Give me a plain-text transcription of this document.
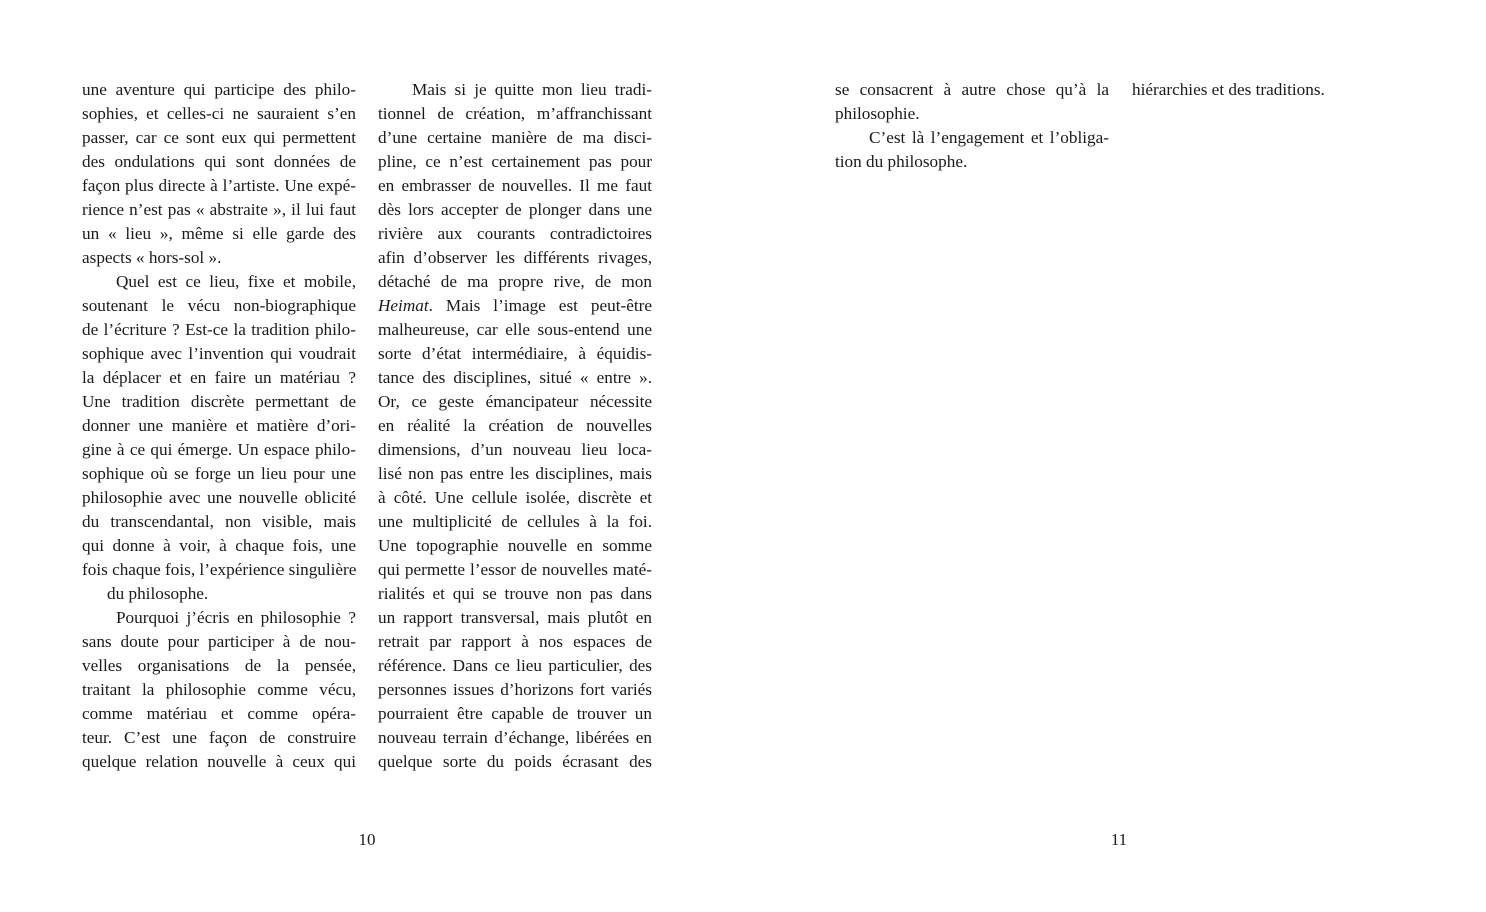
une aventure qui participe des philo-
sophies, et celles-ci ne sauraient s’en
passer, car ce sont eux qui permettent
des ondulations qui sont données de
façon plus directe à l’artiste. Une expé-
rience n’est pas « abstraite », il lui faut
un « lieu », même si elle garde des
aspects « hors-sol ».
Quel est ce lieu, fixe et mobile,
soutenant le vécu non-biographique
de l’écriture ? Est-ce la tradition philo-
sophique avec l’invention qui voudrait
la déplacer et en faire un matériau ?
Une tradition discrète permettant de
donner une manière et matière d’ori-
gine à ce qui émerge. Un espace philo-
sophique où se forge un lieu pour une
philosophie avec une nouvelle oblicité
du transcendantal, non visible, mais
qui donne à voir, à chaque fois, une
fois chaque fois, l’expérience singulière
du philosophe.
Pourquoi j’écris en philosophie ?
sans doute pour participer à de nou-
velles organisations de la pensée,
traitant la philosophie comme vécu,
comme matériau et comme opéra-
teur. C’est une façon de construire
quelque relation nouvelle à ceux qui
Mais si je quitte mon lieu tradi-
tionnel de création, m’affranchissant
d’une certaine manière de ma disci-
pline, ce n’est certainement pas pour
en embrasser de nouvelles. Il me faut
dès lors accepter de plonger dans une
rivière aux courants contradictoires
afin d’observer les différents rivages,
détaché de ma propre rive, de mon
Heimat. Mais l’image est peut-être
malheureuse, car elle sous-entend une
sorte d’état intermédiaire, à équidis-
tance des disciplines, situé « entre ».
Or, ce geste émancipateur nécessite
en réalité la création de nouvelles
dimensions, d’un nouveau lieu loca-
lisé non pas entre les disciplines, mais
à côté. Une cellule isolée, discrète et
une multiplicité de cellules à la foi.
Une topographie nouvelle en somme
qui permette l’essor de nouvelles maté-
rialités et qui se trouve non pas dans
un rapport transversal, mais plutôt en
retrait par rapport à nos espaces de
référence. Dans ce lieu particulier, des
personnes issues d’horizons fort variés
pourraient être capable de trouver un
nouveau terrain d’échange, libérées en
quelque sorte du poids écrasant des
10
se consacrent à autre chose qu’à la
philosophie.
C’est là l’engagement et l’obliga-
tion du philosophe.
hiérarchies et des traditions.
11
